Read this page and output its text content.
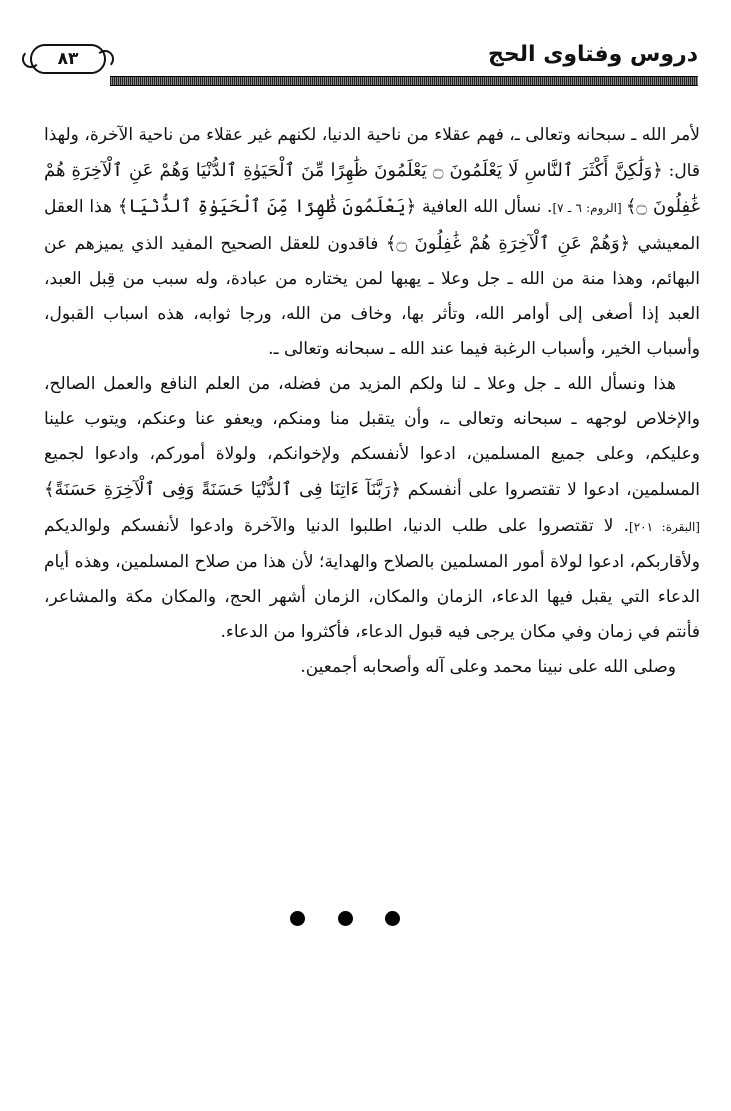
٨٣	دروس وفتاوى الحج

لأمر الله ـ سبحانه وتعالى ـ، فهم عقلاء من ناحية الدنيا، لكنهم غير عقلاء من ناحية الآخرة، ولهذا قال: ﴿وَلَٰكِنَّ أَكْثَرَ ٱلنَّاسِ لَا يَعْلَمُونَ ۝ يَعْلَمُونَ ظَٰهِرًا مِّنَ ٱلْحَيَوٰةِ ٱلدُّنْيَا وَهُمْ عَنِ ٱلْآخِرَةِ هُمْ غَٰفِلُونَ ۝﴾ [الروم: ٦ ـ ٧]. نسأل الله العافية ﴿يَعْلَمُونَ ظَٰهِرًا مِّنَ ٱلْحَيَوٰةِ ٱلدُّنْيَا﴾ هذا العقل المعيشي ﴿وَهُمْ عَنِ ٱلْآخِرَةِ هُمْ غَٰفِلُونَ ۝﴾ فاقدون للعقل الصحيح المفيد الذي يميزهم عن البهائم، وهذا منة من الله ـ جل وعلا ـ يهبها لمن يختاره من عبادة، وله سبب من قِبل العبد، العبد إذا أصغى إلى أوامر الله، وتأثر بها، وخاف من الله، ورجا ثوابه، هذه اسباب القبول، وأسباب الخير، وأسباب الرغبة فيما عند الله ـ سبحانه وتعالى ـ.

هذا ونسأل الله ـ جل وعلا ـ لنا ولكم المزيد من فضله، من العلم النافع والعمل الصالح، والإخلاص لوجهه ـ سبحانه وتعالى ـ، وأن يتقبل منا ومنكم، ويعفو عنا وعنكم، ويتوب علينا وعليكم، وعلى جميع المسلمين، ادعوا لأنفسكم ولإخوانكم، ولولاة أموركم، وادعوا لجميع المسلمين، ادعوا لا تقتصروا على أنفسكم ﴿رَبَّنَآ ءَاتِنَا فِى ٱلدُّنْيَا حَسَنَةً وَفِى ٱلْآخِرَةِ حَسَنَةً﴾ [البقرة: ٢٠١]. لا تقتصروا على طلب الدنيا، اطلبوا الدنيا والآخرة وادعوا لأنفسكم ولوالديكم ولأقاربكم، ادعوا لولاة أمور المسلمين بالصلاح والهداية؛ لأن هذا من صلاح المسلمين، وهذه أيام الدعاء التي يقبل فيها الدعاء، الزمان والمكان، الزمان أشهر الحج، والمكان مكة والمشاعر، فأنتم في زمان وفي مكان يرجى فيه قبول الدعاء، فأكثروا من الدعاء.

وصلى الله على نبينا محمد وعلى آله وأصحابه أجمعين.
